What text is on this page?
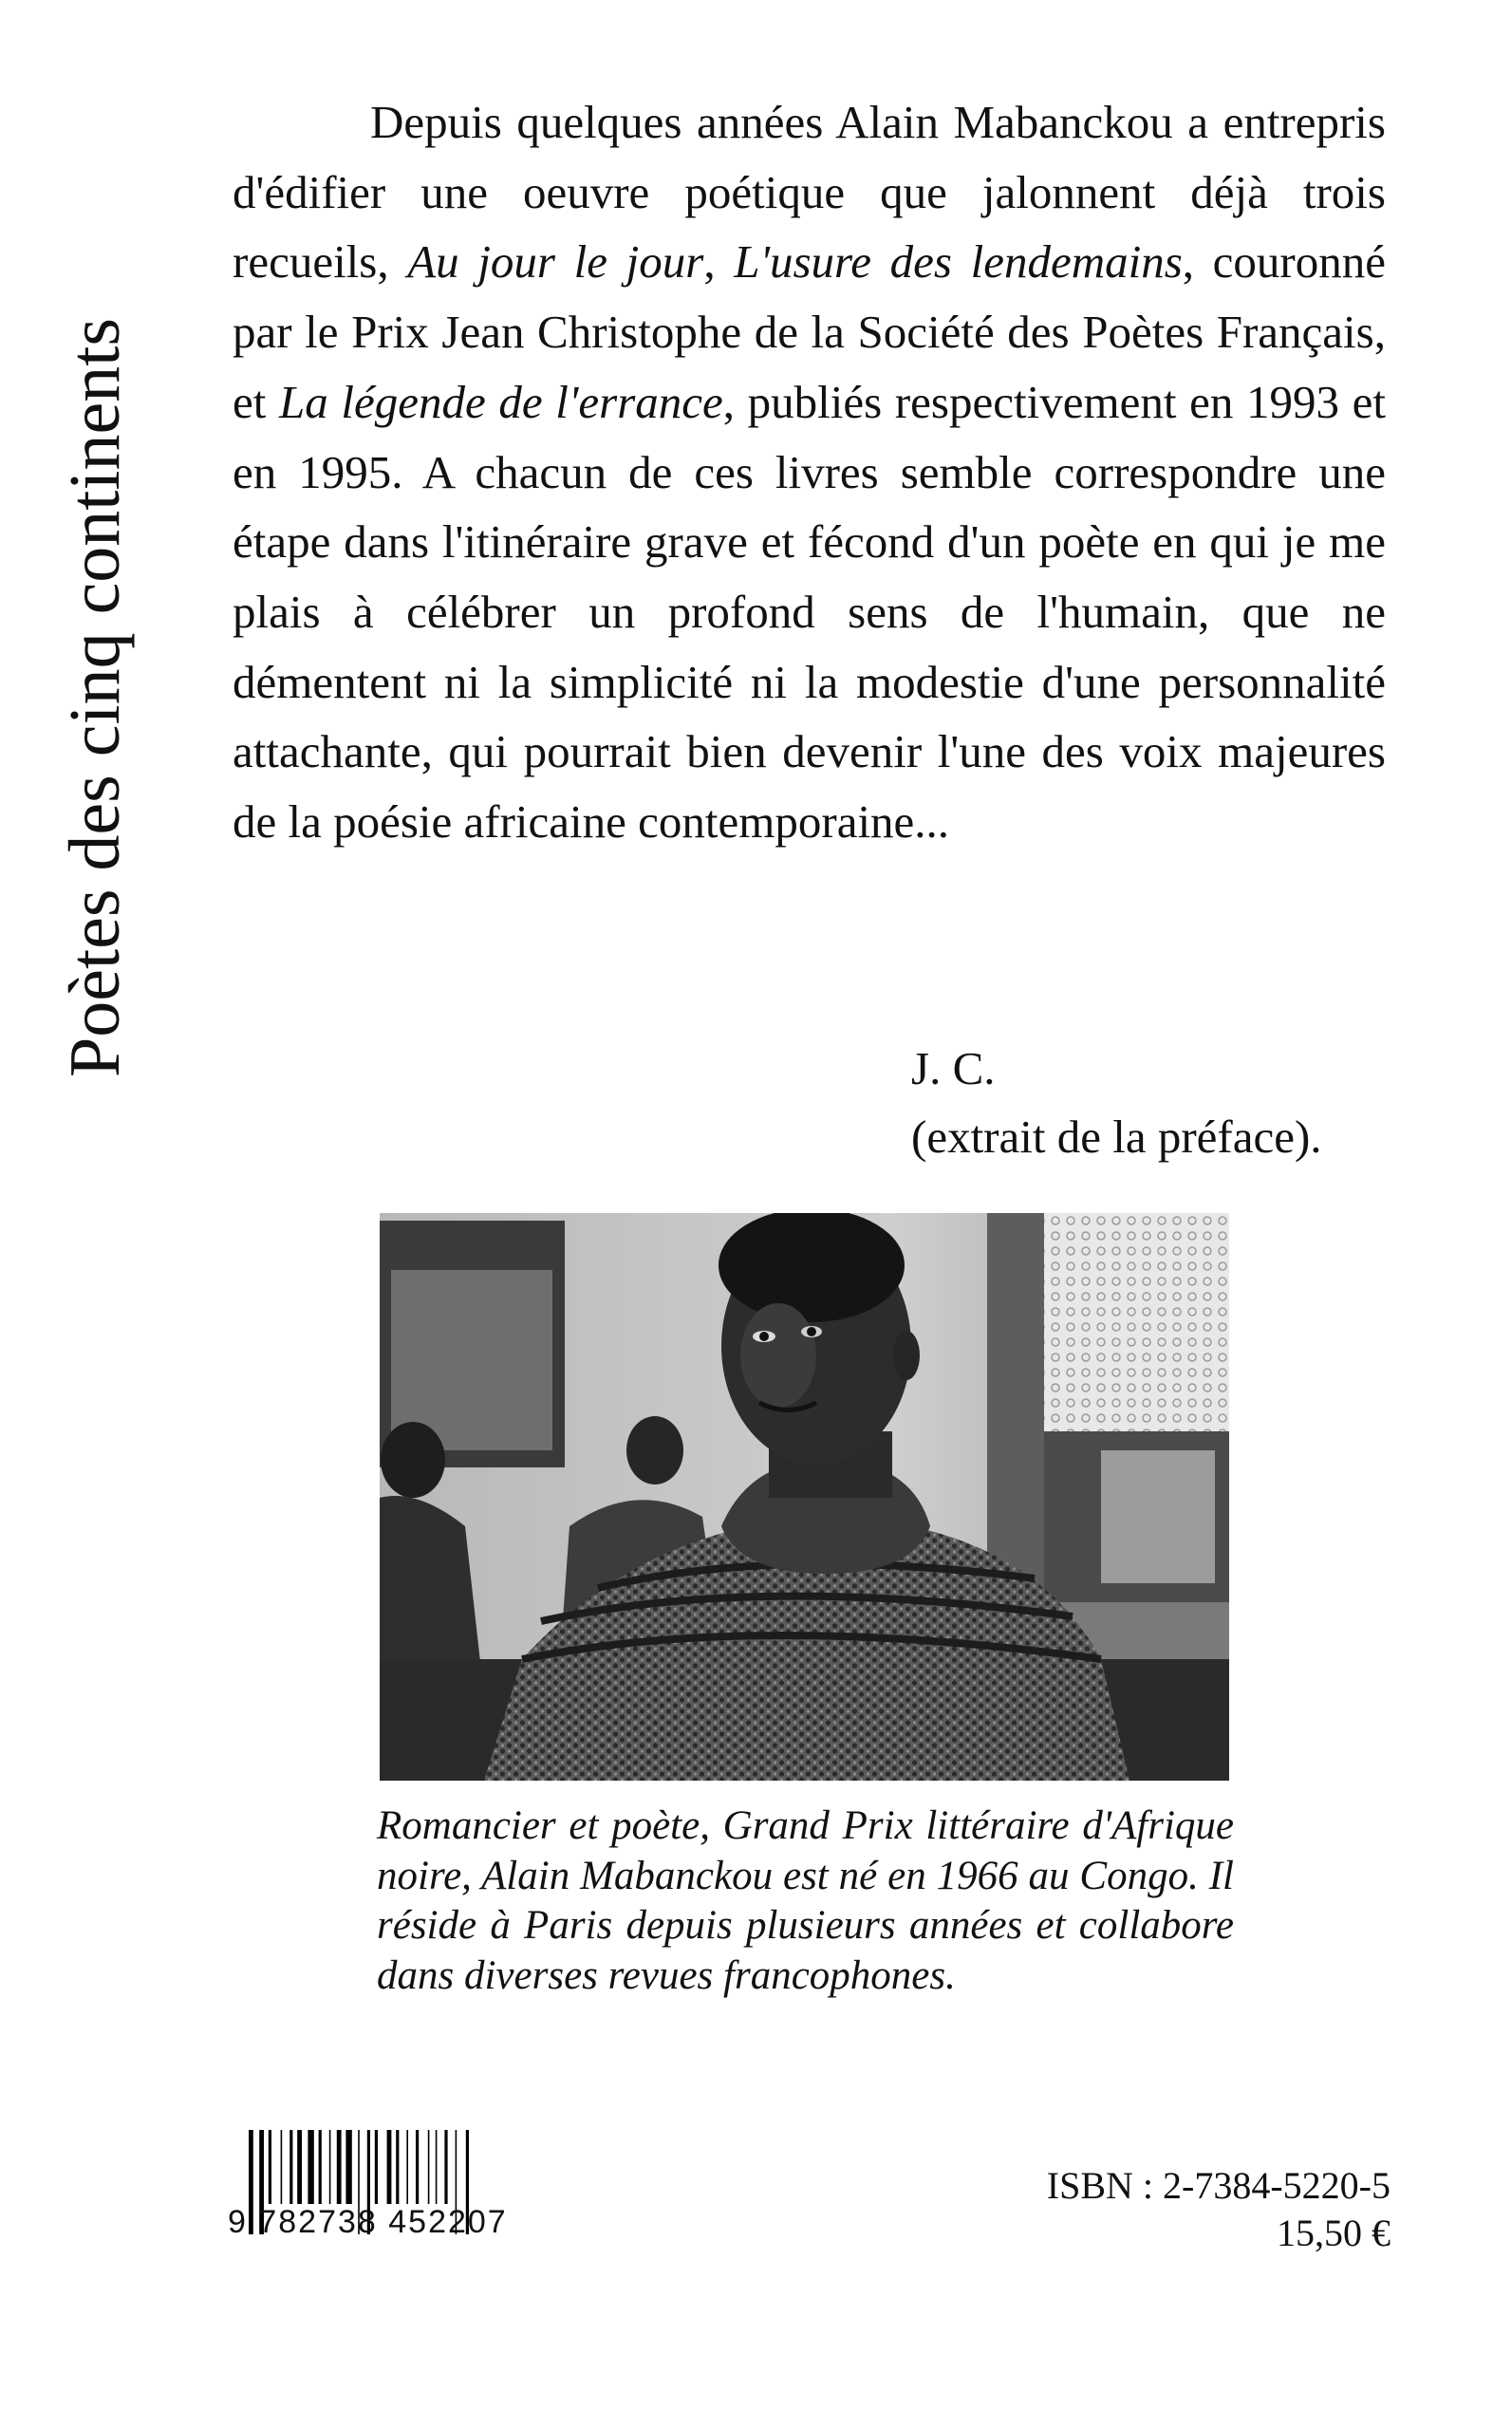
Poètes des cinq continents

Depuis quelques années Alain Mabanckou a entrepris d'édifier une oeuvre poétique que jalonnent déjà trois recueils, Au jour le jour, L'usure des lendemains, couronné par le Prix Jean Christophe de la Société des Poètes Français, et La légende de l'errance, publiés respectivement en 1993 et en 1995. A chacun de ces livres semble correspondre une étape dans l'itinéraire grave et fécond d'un poète en qui je me plais à célébrer un profond sens de l'humain, que ne démentent ni la simplicité ni la modestie d'une personnalité attachante, qui pourrait bien devenir l'une des voix majeures de la poésie africaine contemporaine...

J. C.
(extrait de la préface).

Romancier et poète, Grand Prix littéraire d'Afrique noire, Alain Mabanckou est né en 1966 au Congo. Il réside à Paris depuis plusieurs années et collabore dans diverses revues francophones.

9 782738 452207
ISBN : 2-7384-5220-5
15,50 €
